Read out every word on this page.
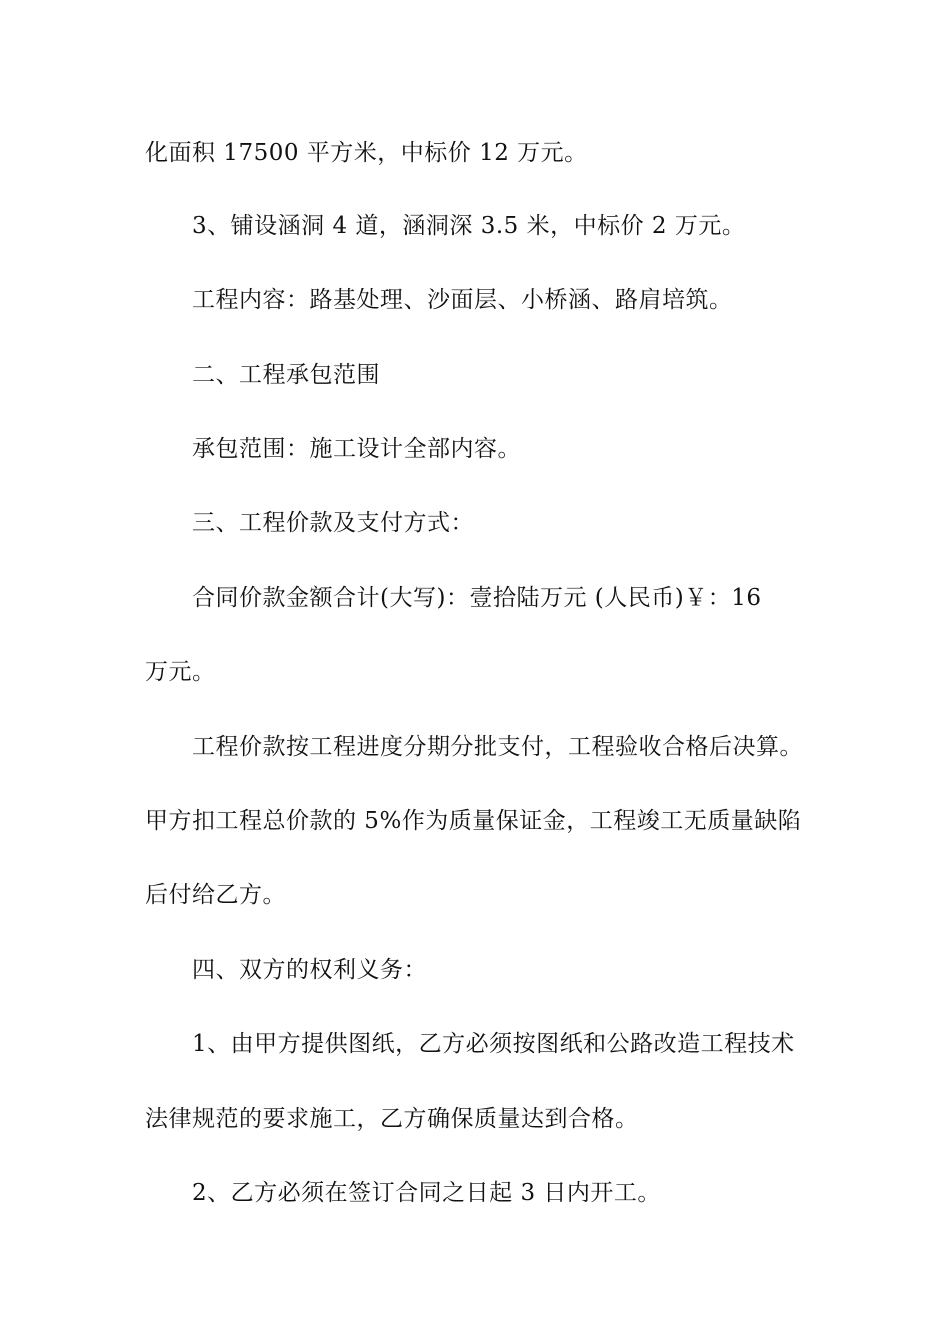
化面积 17500 平方米，中标价 12 万元。
3、铺设涵洞 4 道，涵洞深 3.5 米，中标价 2 万元。
工程内容：路基处理、沙面层、小桥涵、路肩培筑。
二、工程承包范围
承包范围：施工设计全部内容。
三、工程价款及支付方式：
合同价款金额合计(大写)：壹拾陆万元 (人民币)￥：16
万元。
工程价款按工程进度分期分批支付，工程验收合格后决算。
甲方扣工程总价款的 5%作为质量保证金，工程竣工无质量缺陷
后付给乙方。
四、双方的权利义务：
1、由甲方提供图纸，乙方必须按图纸和公路改造工程技术
法律规范的要求施工，乙方确保质量达到合格。
2、乙方必须在签订合同之日起 3 日内开工。
